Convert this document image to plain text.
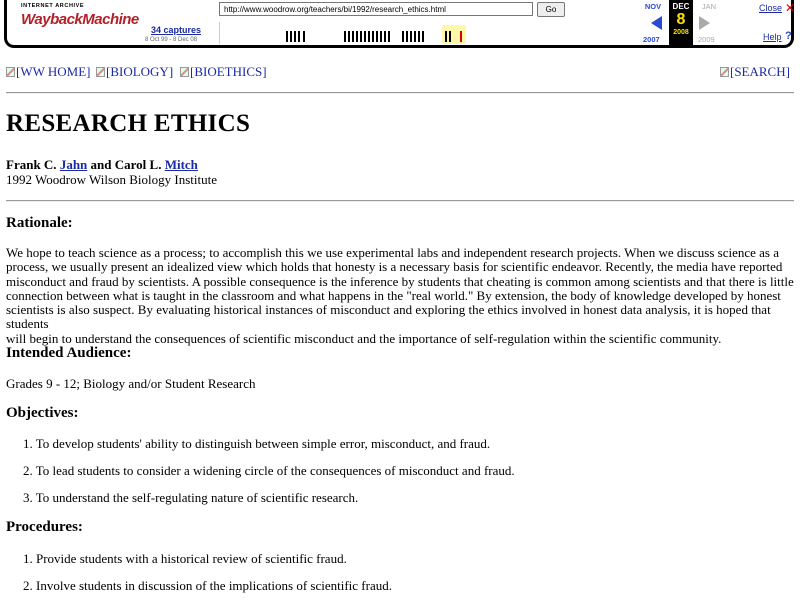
INTERNET ARCHIVE
WaybackMachine
http://www.woodrow.org/teachers/bi/1992/research_ethics.html	Go
34 captures
8 Oct 99 - 8 Dec 08
NOV
2007
DEC
8
2008
JAN
2009
Close ✕
Help ?
[WW HOME] [BIOLOGY] [BIOETHICS]	[SEARCH]
RESEARCH ETHICS
Frank C. Jahn and Carol L. Mitch
1992 Woodrow Wilson Biology Institute
Rationale:
We hope to teach science as a process; to accomplish this we use experimental labs and independent research projects. When we discuss science as a
process, we usually present an idealized view which holds that honesty is a necessary basis for scientific endeavor. Recently, the media have reported
misconduct and fraud by scientists. A possible consequence is the inference by students that cheating is common among scientists and that there is little
connection between what is taught in the classroom and what happens in the "real world." By extension, the body of knowledge developed by honest
scientists is also suspect. By evaluating historical instances of misconduct and exploring the ethics involved in honest data analysis, it is hoped that students
will begin to understand the consequences of scientific misconduct and the importance of self-regulation within the scientific community.
Intended Audience:
Grades 9 - 12; Biology and/or Student Research
Objectives:
1. To develop students' ability to distinguish between simple error, misconduct, and fraud.
2. To lead students to consider a widening circle of the consequences of misconduct and fraud.
3. To understand the self-regulating nature of scientific research.
Procedures:
1. Provide students with a historical review of scientific fraud.
2. Involve students in discussion of the implications of scientific fraud.
